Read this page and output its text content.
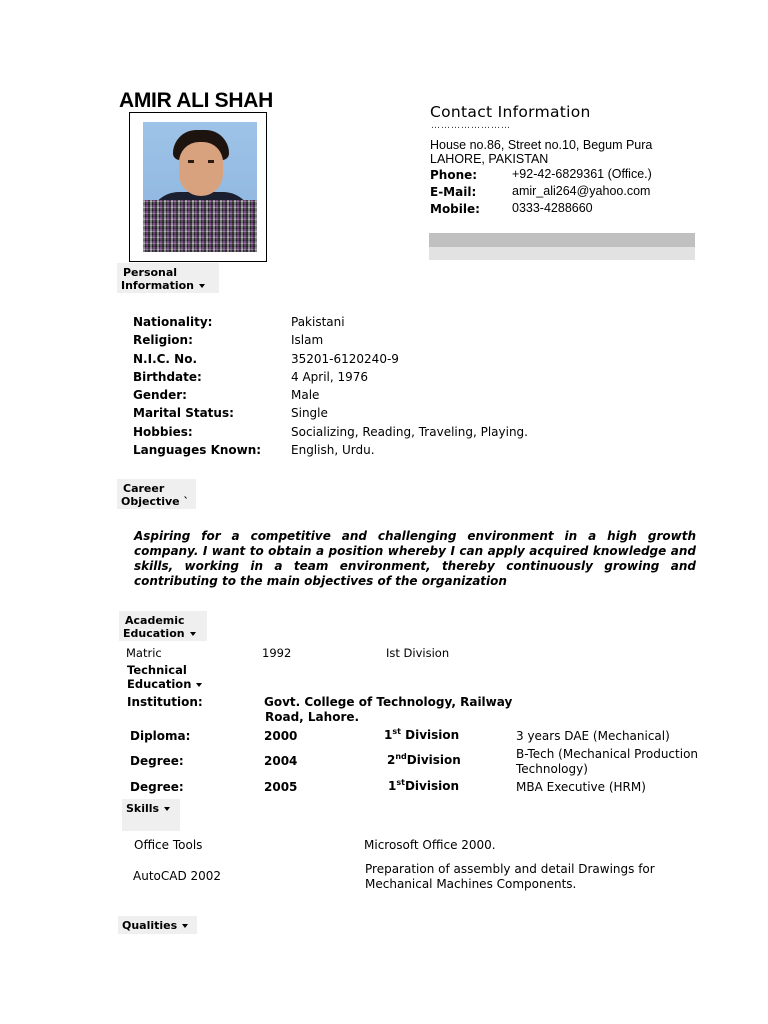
AMIR ALI SHAH	Contact Information
……………………
House no.86, Street no.10, Begum Pura
LAHORE, PAKISTAN
Phone:	+92-42-6829361 (Office.)
E-Mail:	amir_ali264@yahoo.com
Mobile:	0333-4288660
Personal
Information
Nationality:	Pakistani
Religion:	Islam
N.I.C. No.	35201-6120240-9
Birthdate:	4 April, 1976
Gender:	Male
Marital Status:	Single
Hobbies:	Socializing, Reading, Traveling, Playing.
Languages Known: English, Urdu.
Career
Objective `
Aspiring for a competitive and challenging environment in a high growth company. I want to obtain a position whereby I can apply acquired knowledge and skills, working in a team environment, thereby continuously growing and contributing to the main objectives of the organization
Academic
Education
Matric	1992	Ist Division
Technical
Education
Institution:	Govt. College of Technology, Railway
Road, Lahore.
Diploma:	2000	1st Division	3 years DAE (Mechanical)
Degree:	2004	2ndDivision	B-Tech (Mechanical Production
Technology)
Degree:	2005	1stDivision	MBA Executive (HRM)
Skills
Office Tools	Microsoft Office 2000.
AutoCAD 2002	Preparation of assembly and detail Drawings for
Mechanical Machines Components.
Qualities
